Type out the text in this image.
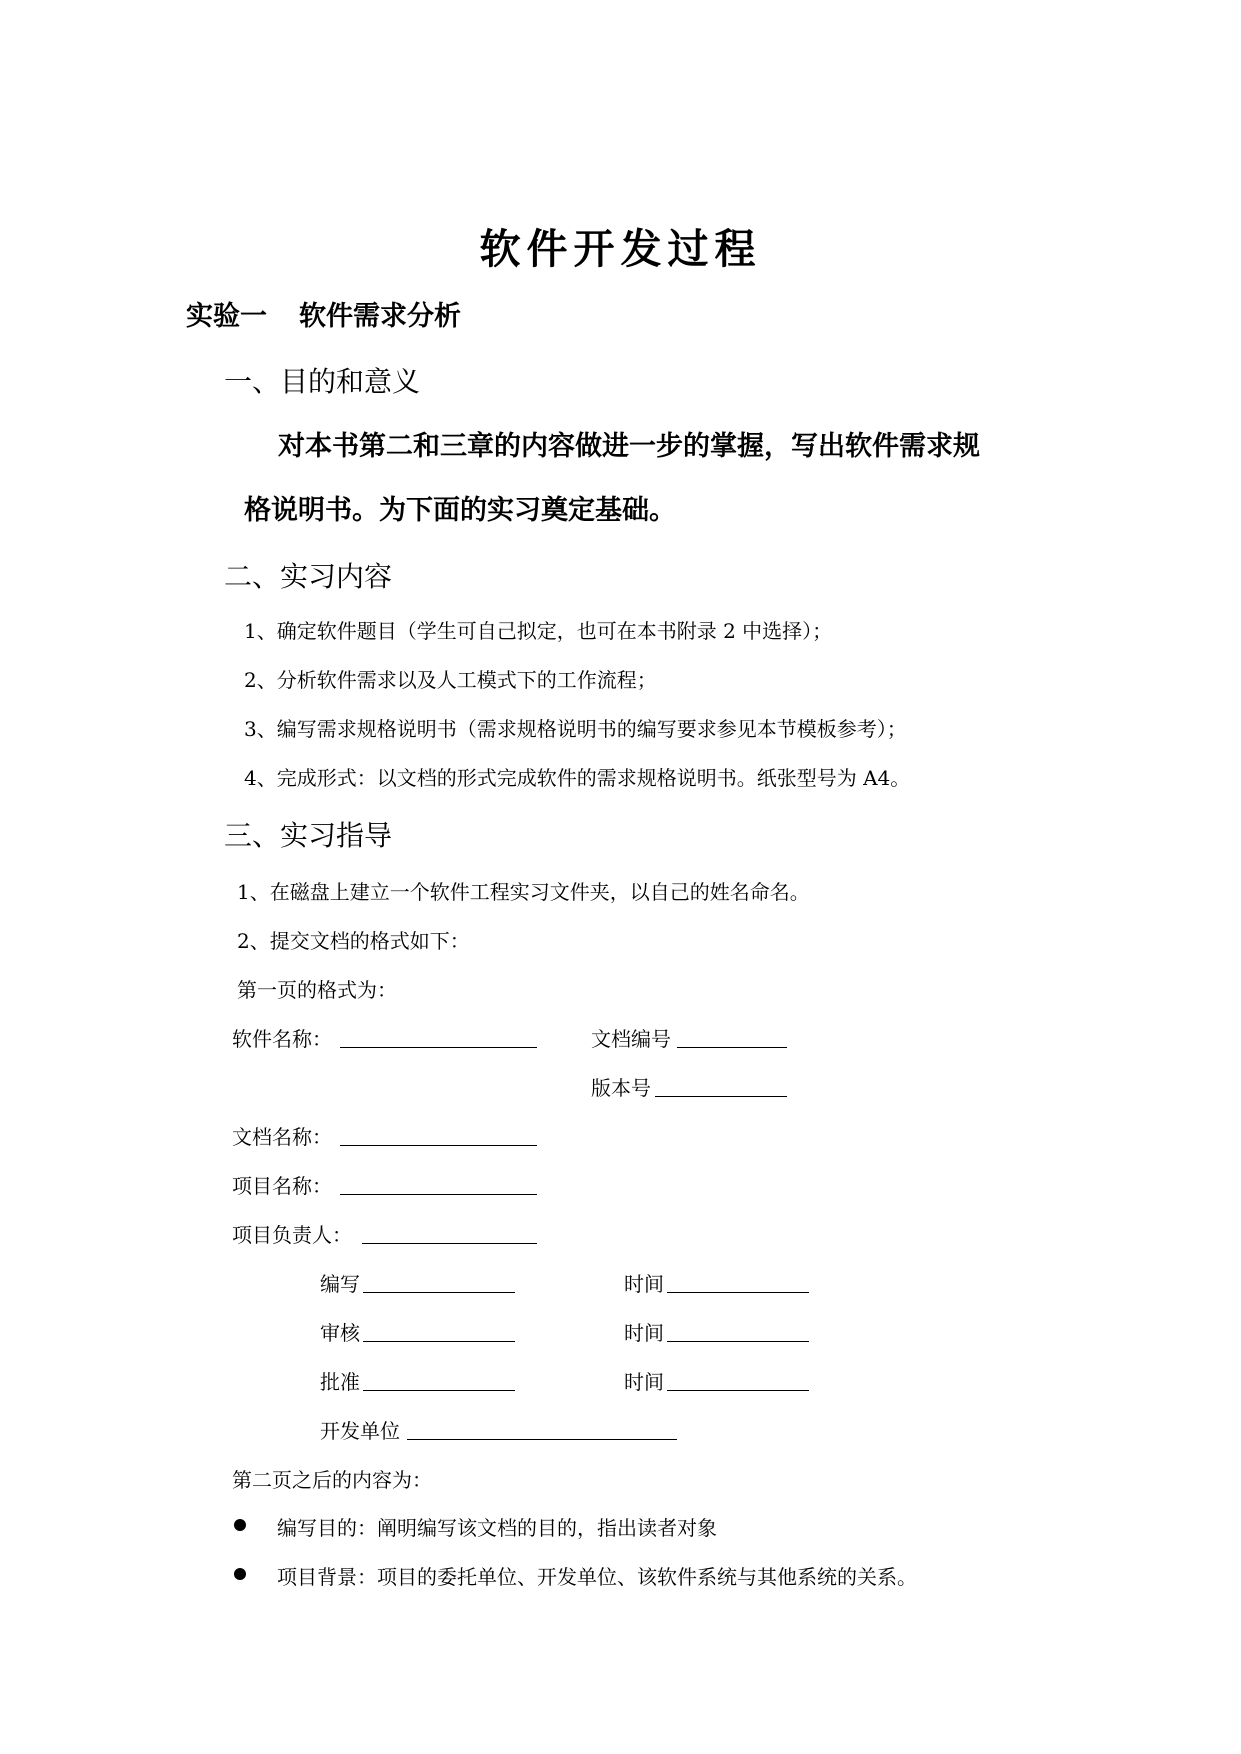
软件开发过程
实验一 软件需求分析
一、目的和意义
对本书第二和三章的内容做进一步的掌握，写出软件需求规
格说明书。为下面的实习奠定基础。
二、实习内容
1、确定软件题目（学生可自己拟定，也可在本书附录 2 中选择）；
2、分析软件需求以及人工模式下的工作流程；
3、编写需求规格说明书（需求规格说明书的编写要求参见本节模板参考）；
4、完成形式：以文档的形式完成软件的需求规格说明书。纸张型号为 A4。
三、实习指导
1、在磁盘上建立一个软件工程实习文件夹，以自己的姓名命名。
2、提交文档的格式如下：
第一页的格式为：
软件名称：	文档编号
版本号
文档名称：
项目名称：
项目负责人：
编写	时间
审核	时间
批准	时间
开发单位
第二页之后的内容为：
编写目的：阐明编写该文档的目的，指出读者对象
项目背景：项目的委托单位、开发单位、该软件系统与其他系统的关系。
